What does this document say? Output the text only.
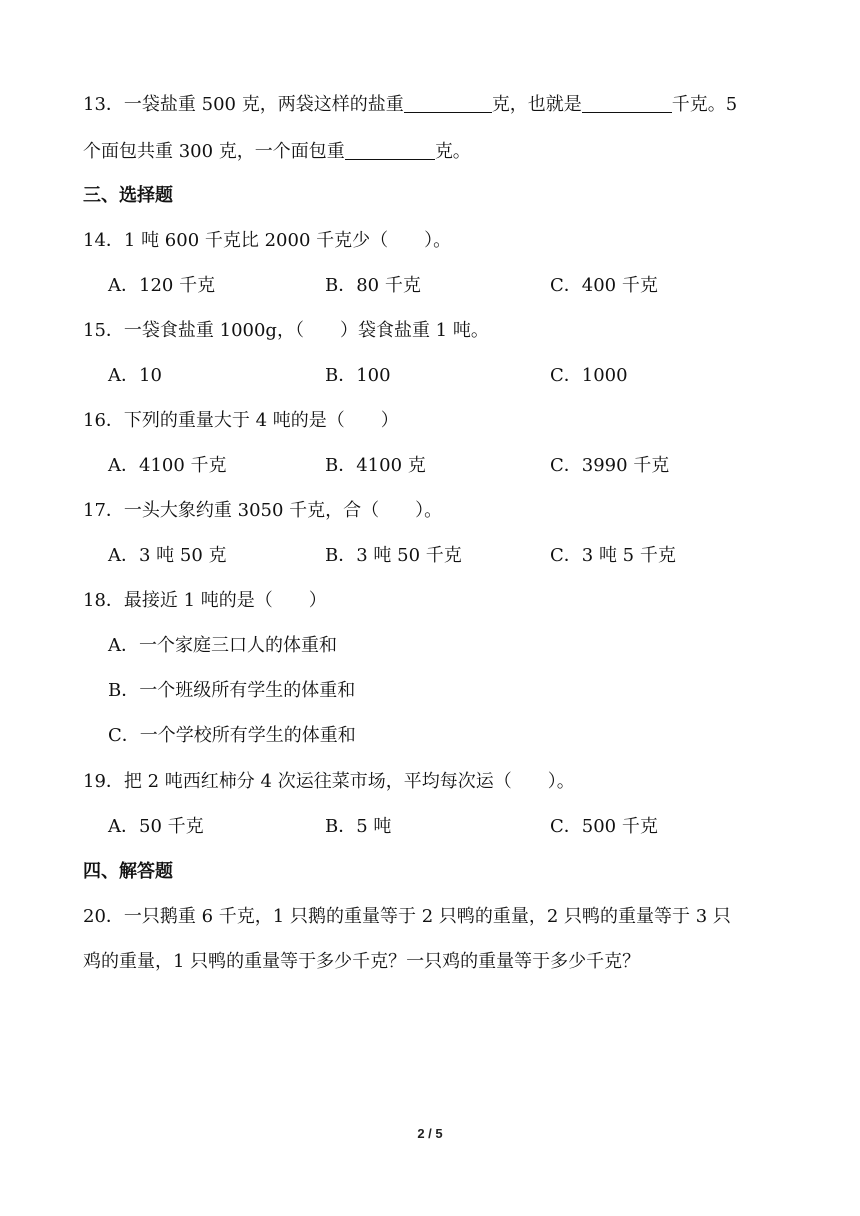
13．一袋盐重 500 克，两袋这样的盐重	克，也就是	千克。5
个面包共重 300 克，一个面包重	克。
三、选择题
14．1 吨 600 千克比 2000 千克少（　　）。
A．120 千克	B．80 千克	C．400 千克
15．一袋食盐重 1000g，（　　）袋食盐重 1 吨。
A．10	B．100	C．1000
16．下列的重量大于 4 吨的是（　　）
A．4100 千克	B．4100 克	C．3990 千克
17．一头大象约重 3050 千克，合（　　）。
A．3 吨 50 克	B．3 吨 50 千克	C．3 吨 5 千克
18．最接近 1 吨的是（　　）
A．一个家庭三口人的体重和
B．一个班级所有学生的体重和
C．一个学校所有学生的体重和
19．把 2 吨西红柿分 4 次运往菜市场，平均每次运（　　）。
A．50 千克	B．5 吨	C．500 千克
四、解答题
20．一只鹅重 6 千克，1 只鹅的重量等于 2 只鸭的重量，2 只鸭的重量等于 3 只
鸡的重量，1 只鸭的重量等于多少千克？一只鸡的重量等于多少千克？
2 / 5
